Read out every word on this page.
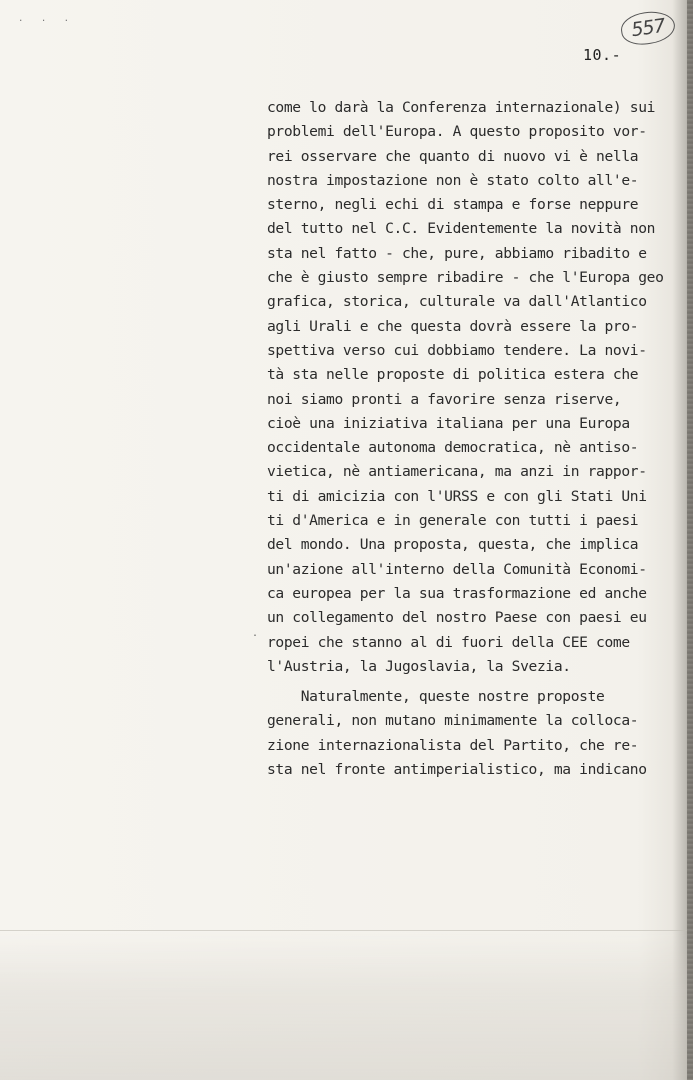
. . .	557
10.-
.
come lo darà la Conferenza internazionale) sui
problemi dell'Europa. A questo proposito vor-
rei osservare che quanto di nuovo vi è nella
nostra impostazione non è stato colto all'e-
sterno, negli echi di stampa e forse neppure
del tutto nel C.C. Evidentemente la novità non
sta nel fatto - che, pure, abbiamo ribadito e
che è giusto sempre ribadire - che l'Europa geo
grafica, storica, culturale va dall'Atlantico
agli Urali e che questa dovrà essere la pro-
spettiva verso cui dobbiamo tendere. La novi-
tà sta nelle proposte di politica estera che
noi siamo pronti a favorire senza riserve,
cioè una iniziativa italiana per una Europa
occidentale autonoma democratica, nè antiso-
vietica, nè antiamericana, ma anzi in rappor-
ti di amicizia con l'URSS e con gli Stati Uni
ti d'America e in generale con tutti i paesi
del mondo. Una proposta, questa, che implica
un'azione all'interno della Comunità Economi-
ca europea per la sua trasformazione ed anche
un collegamento del nostro Paese con paesi eu
ropei che stanno al di fuori della CEE come
l'Austria, la Jugoslavia, la Svezia.
Naturalmente, queste nostre proposte
generali, non mutano minimamente la colloca-
zione internazionalista del Partito, che re-
sta nel fronte antimperialistico, ma indicano
